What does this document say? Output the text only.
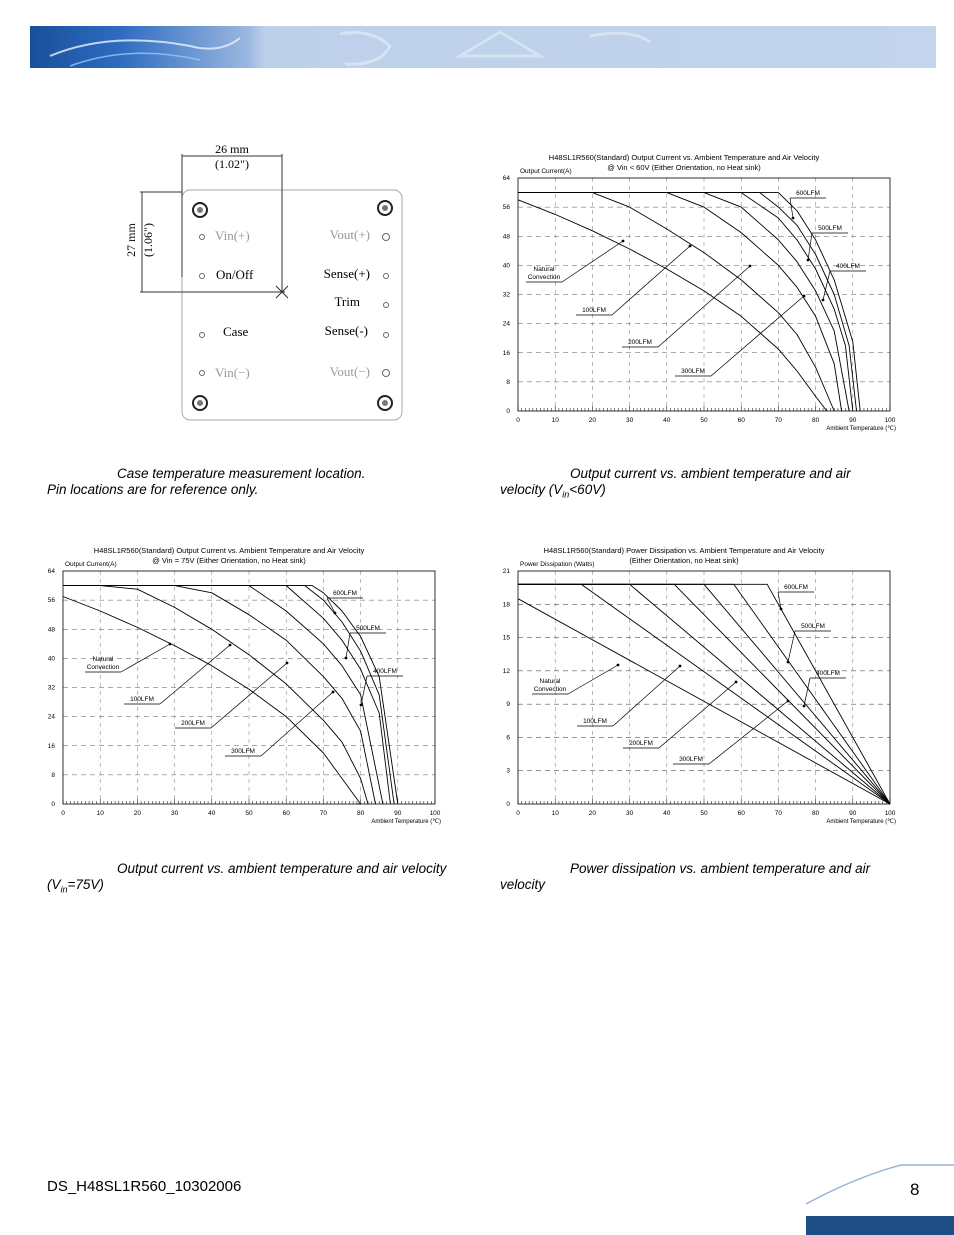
26 mm
(1.02")
27 mm (1.06")	Vin(+)
On/Off
Case
Vin(−)
Vout(+)
Sense(+)
Trim
Sense(-)
Vout(−)
H48SL1R560(Standard) Output Current vs. Ambient Temperature and Air Velocity
@ Vin < 60V (Either Orientation, no Heat sink)
Output Current(A)
0
8
16
24
32
40
48
56
64
0	10	20	30	40	50	60	70	80	90	100
Ambient Temperature (℃)
600LFM
500LFM
400LFM
Natural
Convection
100LFM
200LFM
300LFM
H48SL1R560(Standard) Output Current vs. Ambient Temperature and Air Velocity
@ Vin = 75V (Either Orientation, no Heat sink)
Output Current(A)
0
8
16
24
32
40
48
56
64
0	10	20	30	40	50	60	70	80	90	100
Ambient Temperature (℃)
600LFM
500LFM
400LFM
Natural
Convection
100LFM
200LFM
300LFM
H48SL1R560(Standard) Power Dissipation vs. Ambient Temperature and Air Velocity
(Either Orientation, no Heat sink)
Power Dissipation (Watts)
0
3
6
9
12
15
18
21
0	10	20	30	40	50	60	70	80	90	100
Ambient Temperature (℃)
600LFM
500LFM
400LFM
Natural
Convection
100LFM
200LFM
300LFM
Case temperature measurement location.
Pin locations are for reference only.
Output current vs. ambient temperature and air
velocity $(V_{in}<60V)$
Output current vs. ambient temperature and air velocity
$(V_{in}=75V)$
Power dissipation vs. ambient temperature and air
velocity
DS_H48SL1R560_10302006	8
